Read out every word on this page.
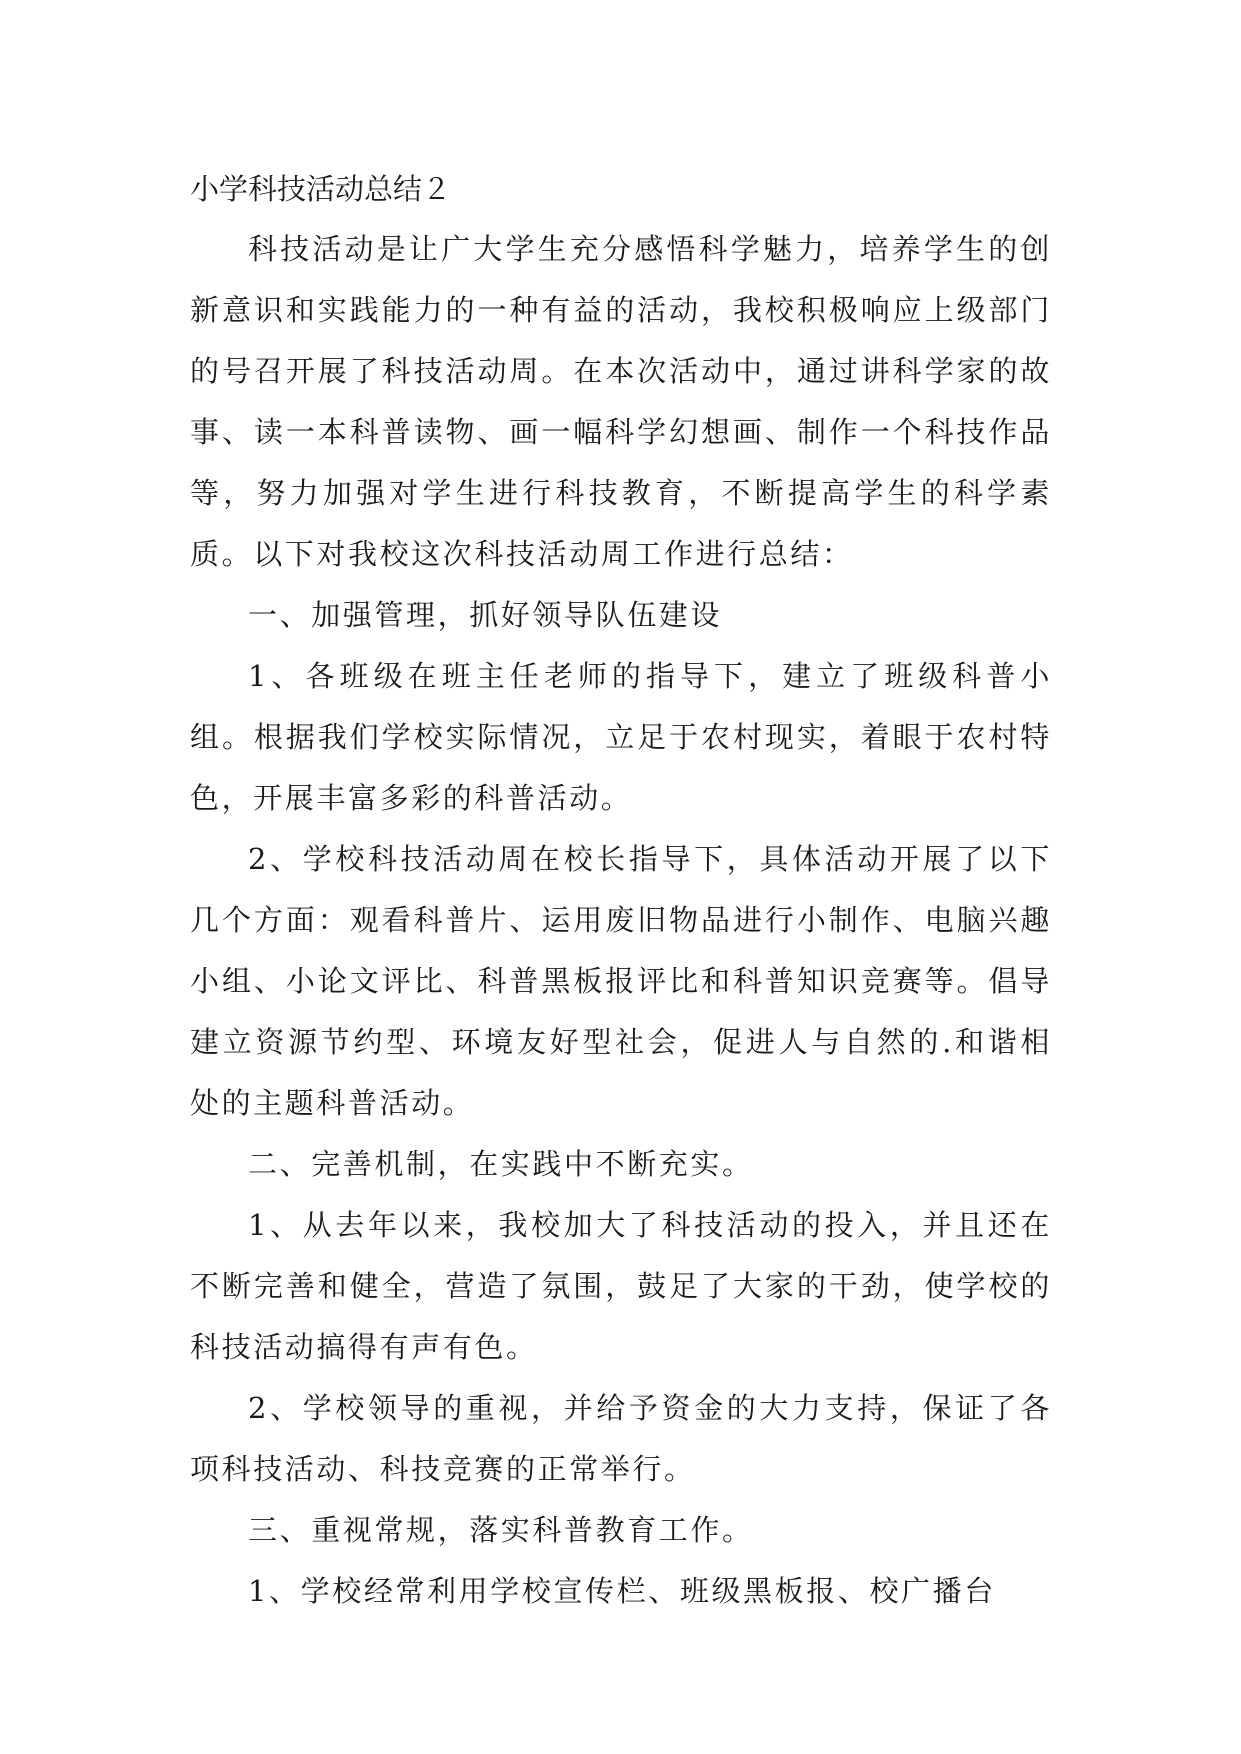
小学科技活动总结２

科技活动是让广大学生充分感悟科学魅力，培养学生的创新意识和实践能力的一种有益的活动，我校积极响应上级部门的号召开展了科技活动周。在本次活动中，通过讲科学家的故事、读一本科普读物、画一幅科学幻想画、制作一个科技作品等，努力加强对学生进行科技教育，不断提高学生的科学素质。以下对我校这次科技活动周工作进行总结：

一、加强管理，抓好领导队伍建设

1、各班级在班主任老师的指导下，建立了班级科普小组。根据我们学校实际情况，立足于农村现实，着眼于农村特色，开展丰富多彩的科普活动。

2、学校科技活动周在校长指导下，具体活动开展了以下几个方面：观看科普片、运用废旧物品进行小制作、电脑兴趣小组、小论文评比、科普黑板报评比和科普知识竞赛等。倡导建立资源节约型、环境友好型社会，促进人与自然的.和谐相处的主题科普活动。

二、完善机制，在实践中不断充实。

1、从去年以来，我校加大了科技活动的投入，并且还在不断完善和健全，营造了氛围，鼓足了大家的干劲，使学校的科技活动搞得有声有色。

2、学校领导的重视，并给予资金的大力支持，保证了各项科技活动、科技竞赛的正常举行。

三、重视常规，落实科普教育工作。

1、学校经常利用学校宣传栏、班级黑板报、校广播台
